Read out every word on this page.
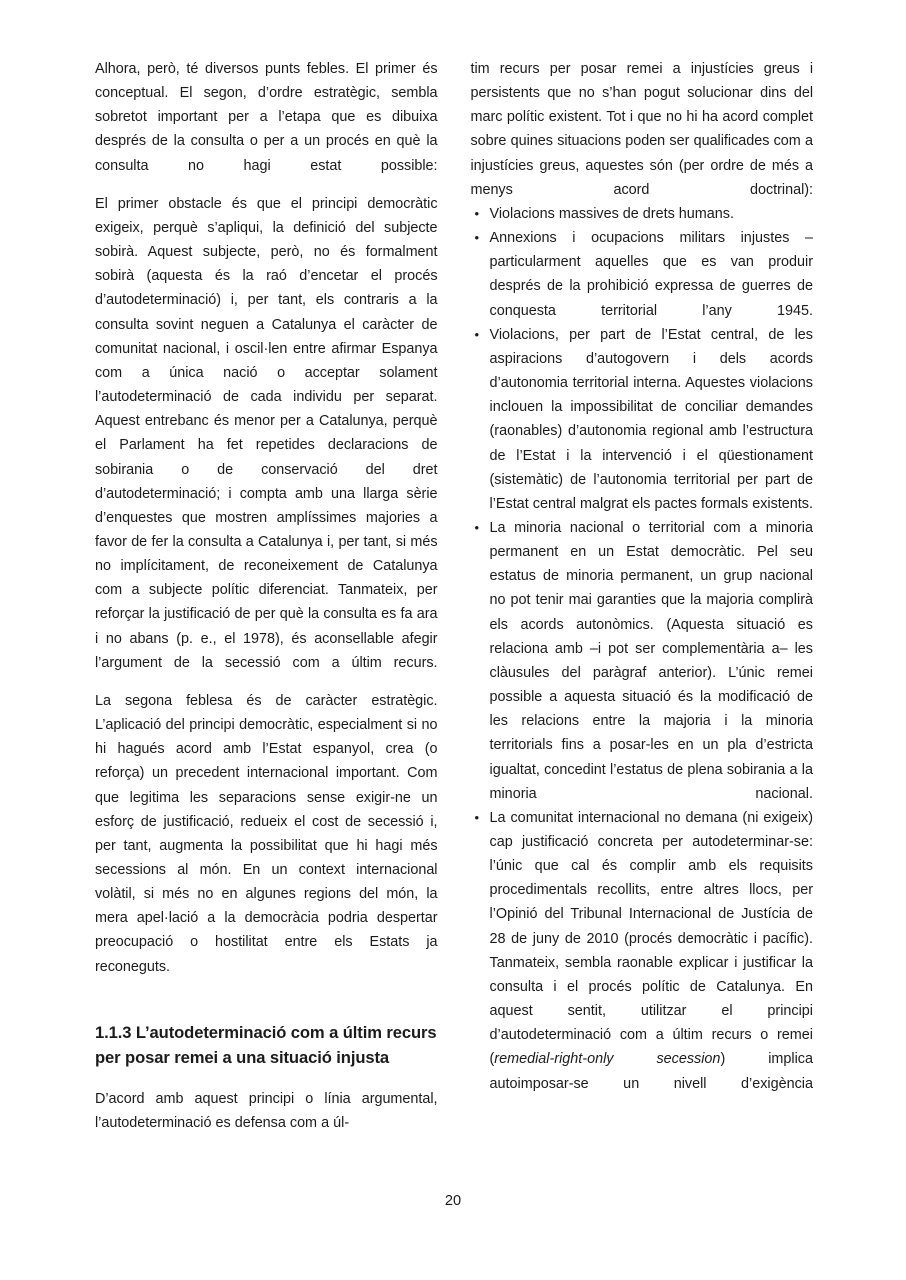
Alhora, però, té diversos punts febles. El primer és conceptual. El segon, d’ordre estratègic, sembla sobretot important per a l’etapa que es dibuixa després de la consulta o per a un procés en què la consulta no hagi estat possible:

El primer obstacle és que el principi democràtic exigeix, perquè s’apliqui, la definició del subjecte sobirà. Aquest subjecte, però, no és formalment sobirà (aquesta és la raó d’encetar el procés d’autodeterminació) i, per tant, els contraris a la consulta sovint neguen a Catalunya el caràcter de comunitat nacional, i oscil·len entre afirmar Espanya com a única nació o acceptar solament l’autodeterminació de cada individu per separat. Aquest entrebanc és menor per a Catalunya, perquè el Parlament ha fet repetides declaracions de sobirania o de conservació del dret d’autodeterminació; i compta amb una llarga sèrie d’enquestes que mostren amplíssimes majories a favor de fer la consulta a Catalunya i, per tant, si més no implícitament, de reconeixement de Catalunya com a subjecte polític diferenciat. Tanmateix, per reforçar la justificació de per què la consulta es fa ara i no abans (p. e., el 1978), és aconsellable afegir l’argument de la secessió com a últim recurs.

La segona feblesa és de caràcter estratègic. L’aplicació del principi democràtic, especialment si no hi hagués acord amb l’Estat espanyol, crea (o reforça) un precedent internacional important. Com que legitima les separacions sense exigir-ne un esforç de justificació, redueix el cost de secessió i, per tant, augmenta la possibilitat que hi hagi més secessions al món. En un context internacional volàtil, si més no en algunes regions del món, la mera apel·lació a la democràcia podria despertar preocupació o hostilitat entre els Estats ja reconeguts.

1.1.3 L’autodeterminació com a últim recurs per posar remei a una situació injusta

D’acord amb aquest principi o línia argumental, l’autodeterminació es defensa com a úl-

tim recurs per posar remei a injustícies greus i persistents que no s’han pogut solucionar dins del marc polític existent. Tot i que no hi ha acord complet sobre quines situacions poden ser qualificades com a injustícies greus, aquestes són (per ordre de més a menys acord doctrinal):

• Violacions massives de drets humans.
• Annexions i ocupacions militars injustes –particularment aquelles que es van produir després de la prohibició expressa de guerres de conquesta territorial l’any 1945.
• Violacions, per part de l’Estat central, de les aspiracions d’autogovern i dels acords d’autonomia territorial interna. Aquestes violacions inclouen la impossibilitat de conciliar demandes (raonables) d’autonomia regional amb l’estructura de l’Estat i la intervenció i el qüestionament (sistemàtic) de l’autonomia territorial per part de l’Estat central malgrat els pactes formals existents.
• La minoria nacional o territorial com a minoria permanent en un Estat democràtic. Pel seu estatus de minoria permanent, un grup nacional no pot tenir mai garanties que la majoria complirà els acords autonòmics. (Aquesta situació es relaciona amb –i pot ser complementària a– les clàusules del paràgraf anterior). L’únic remei possible a aquesta situació és la modificació de les relacions entre la majoria i la minoria territorials fins a posar-les en un pla d’estricta igualtat, concedint l’estatus de plena sobirania a la minoria nacional.
• La comunitat internacional no demana (ni exigeix) cap justificació concreta per autodeterminar-se: l’únic que cal és complir amb els requisits procedimentals recollits, entre altres llocs, per l’Opinió del Tribunal Internacional de Justícia de 28 de juny de 2010 (procés democràtic i pacífic). Tanmateix, sembla raonable explicar i justificar la consulta i el procés polític de Catalunya. En aquest sentit, utilitzar el principi d’autodeterminació com a últim recurs o remei (remedial-right-only secession) implica autoimposar-se un nivell d’exigència
20
